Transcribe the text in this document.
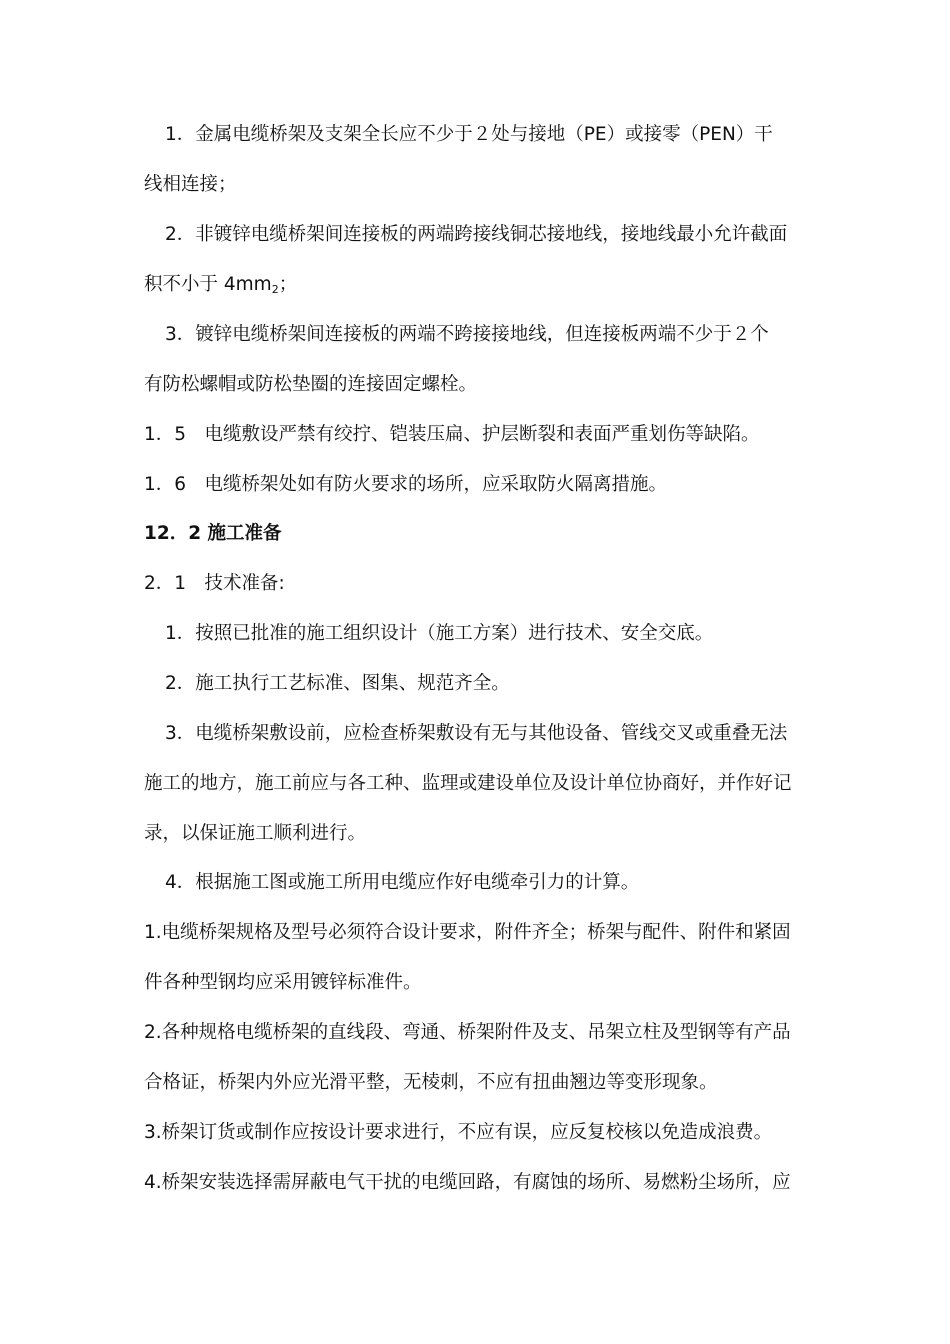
1．金属电缆桥架及支架全长应不少于２处与接地（PE）或接零（PEN）干
线相连接；
2．非镀锌电缆桥架间连接板的两端跨接线铜芯接地线，接地线最小允许截面
积不小于 $4mm_2$；
3．镀锌电缆桥架间连接板的两端不跨接接地线，但连接板两端不少于２个
有防松螺帽或防松垫圈的连接固定螺栓。
1．5　电缆敷设严禁有绞拧、铠装压扁、护层断裂和表面严重划伤等缺陷。
1．6　电缆桥架处如有防火要求的场所，应采取防火隔离措施。
12．2 施工准备
2．1　技术准备:
1．按照已批准的施工组织设计（施工方案）进行技术、安全交底。
2．施工执行工艺标准、图集、规范齐全。
3．电缆桥架敷设前，应检查桥架敷设有无与其他设备、管线交叉或重叠无法
施工的地方，施工前应与各工种、监理或建设单位及设计单位协商好，并作好记
录，以保证施工顺利进行。
4．根据施工图或施工所用电缆应作好电缆牵引力的计算。
1.电缆桥架规格及型号必须符合设计要求，附件齐全；桥架与配件、附件和紧固
件各种型钢均应采用镀锌标准件。
2.各种规格电缆桥架的直线段、弯通、桥架附件及支、吊架立柱及型钢等有产品
合格证，桥架内外应光滑平整，无棱刺，不应有扭曲翘边等变形现象。
3.桥架订货或制作应按设计要求进行，不应有误，应反复校核以免造成浪费。
4.桥架安装选择需屏蔽电气干扰的电缆回路，有腐蚀的场所、易燃粉尘场所，应
